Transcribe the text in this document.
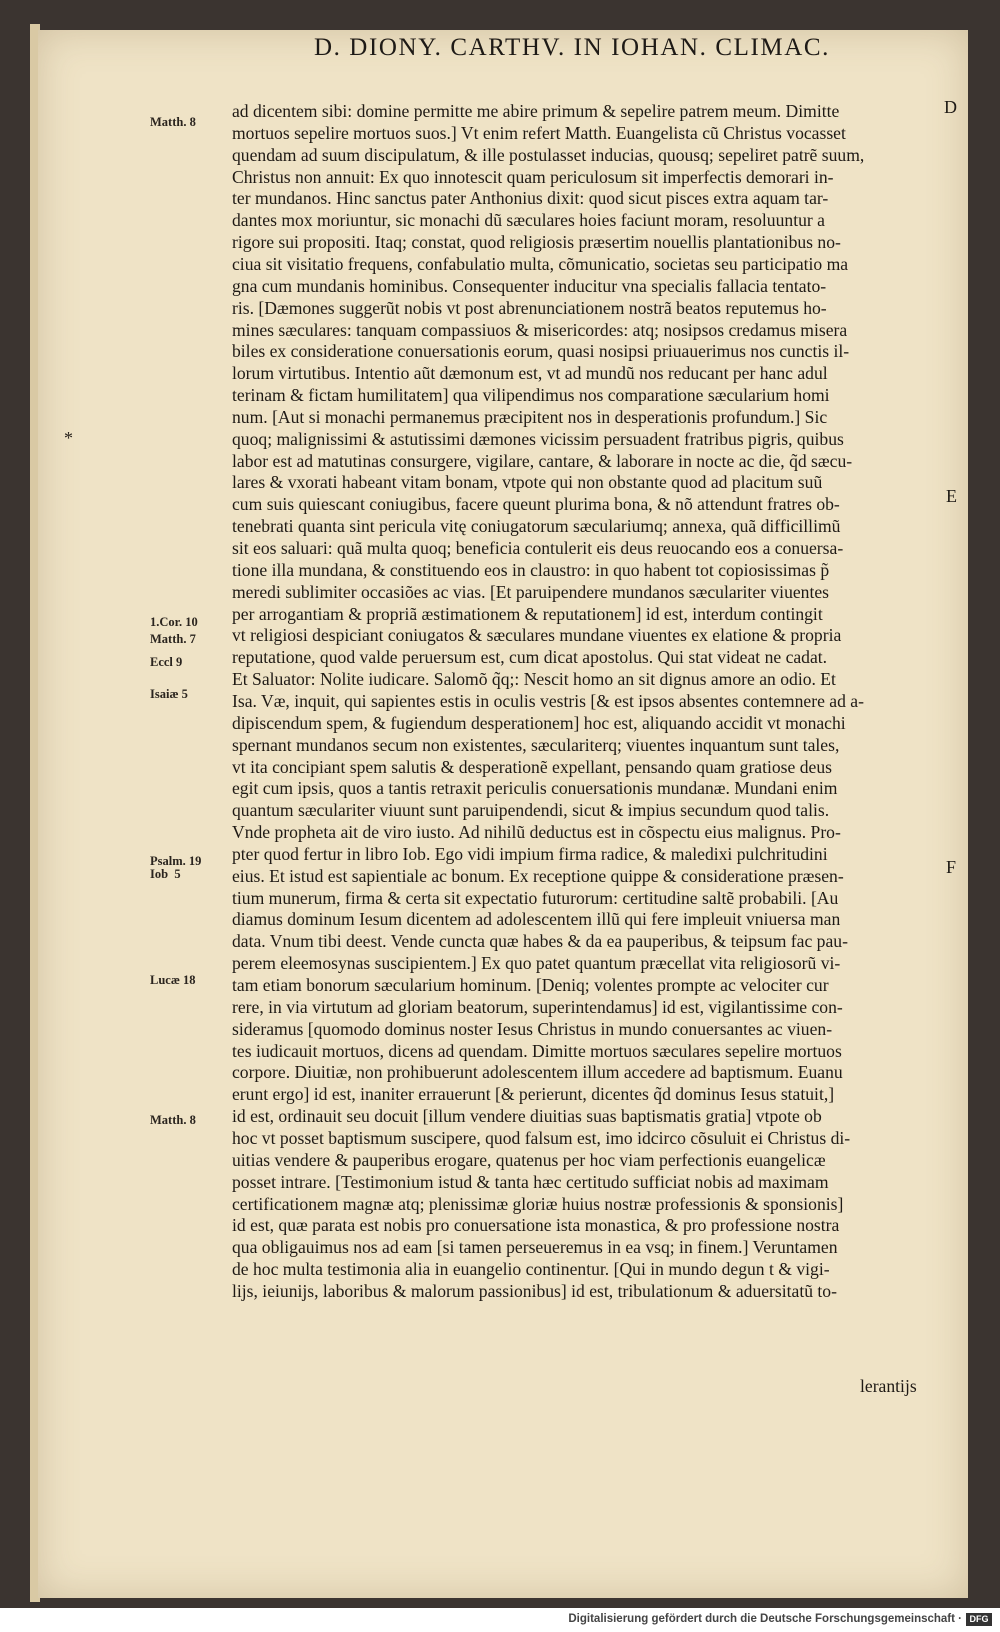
D. DIONY. CARTHV. IN IOHAN. CLIMAC.
D
E
F
*
Matth. 8
1.Cor. 10
Matth. 7
Eccl 9
Isaiæ 5
Psalm. 19
Iob  5
Lucæ 18
Matth. 8
ad dicentem sibi: domine permitte me abire primum & sepelire patrem meum. Dimitte
mortuos sepelire mortuos suos.] Vt enim refert Matth. Euangelista cũ Christus vocasset
quendam ad suum discipulatum, & ille postulasset inducias, quousq; sepeliret patrẽ suum,
Christus non annuit: Ex quo innotescit quam periculosum sit imperfectis demorari in-
ter mundanos. Hinc sanctus pater Anthonius dixit: quod sicut pisces extra aquam tar-
dantes mox moriuntur, sic monachi dũ sæculares hoies faciunt moram, resoluuntur a
rigore sui propositi. Itaq; constat, quod religiosis præsertim nouellis plantationibus no-
ciua sit visitatio frequens, confabulatio multa, cõmunicatio, societas seu participatio ma
gna cum mundanis hominibus. Consequenter inducitur vna specialis fallacia tentato-
ris. [Dæmones suggerũt nobis vt post abrenunciationem nostrã beatos reputemus ho-
mines sæculares: tanquam compassiuos & misericordes: atq; nosipsos credamus misera
biles ex consideratione conuersationis eorum, quasi nosipsi priuauerimus nos cunctis il-
lorum virtutibus. Intentio aũt dæmonum est, vt ad mundũ nos reducant per hanc adul
terinam & fictam humilitatem] qua vilipendimus nos comparatione sæcularium homi
num. [Aut si monachi permanemus præcipitent nos in desperationis profundum.] Sic
quoq; malignissimi & astutissimi dæmones vicissim persuadent fratribus pigris, quibus
labor est ad matutinas consurgere, vigilare, cantare, & laborare in nocte ac die, q̃d sæcu-
lares & vxorati habeant vitam bonam, vtpote qui non obstante quod ad placitum suũ
cum suis quiescant coniugibus, facere queunt plurima bona, & nõ attendunt fratres ob-
tenebrati quanta sint pericula vitę coniugatorum sæculariumq; annexa, quã difficillimũ
sit eos saluari: quã multa quoq; beneficia contulerit eis deus reuocando eos a conuersa-
tione illa mundana, & constituendo eos in claustro: in quo habent tot copiosissimas p̃
meredi sublimiter occasiões ac vias. [Et paruipendere mundanos sæculariter viuentes
per arrogantiam & propriã æstimationem & reputationem] id est, interdum contingit
vt religiosi despiciant coniugatos & sæculares mundane viuentes ex elatione & propria
reputatione, quod valde peruersum est, cum dicat apostolus. Qui stat videat ne cadat.
Et Saluator: Nolite iudicare. Salomõ q̃q;: Nescit homo an sit dignus amore an odio. Et
Isa. Væ, inquit, qui sapientes estis in oculis vestris [& est ipsos absentes contemnere ad a-
dipiscendum spem, & fugiendum desperationem] hoc est, aliquando accidit vt monachi
spernant mundanos secum non existentes, sæculariterq; viuentes inquantum sunt tales,
vt ita concipiant spem salutis & desperationẽ expellant, pensando quam gratiose deus
egit cum ipsis, quos a tantis retraxit periculis conuersationis mundanæ. Mundani enim
quantum sæculariter viuunt sunt paruipendendi, sicut & impius secundum quod talis.
Vnde propheta ait de viro iusto. Ad nihilũ deductus est in cõspectu eius malignus. Pro-
pter quod fertur in libro Iob. Ego vidi impium firma radice, & maledixi pulchritudini
eius. Et istud est sapientiale ac bonum. Ex receptione quippe & consideratione præsen-
tium munerum, firma & certa sit expectatio futurorum: certitudine saltẽ probabili. [Au
diamus dominum Iesum dicentem ad adolescentem illũ qui fere impleuit vniuersa man
data. Vnum tibi deest. Vende cuncta quæ habes & da ea pauperibus, & teipsum fac pau-
perem eleemosynas suscipientem.] Ex quo patet quantum præcellat vita religiosorũ vi-
tam etiam bonorum sæcularium hominum. [Deniq; volentes prompte ac velociter cur
rere, in via virtutum ad gloriam beatorum, superintendamus] id est, vigilantissime con-
sideramus [quomodo dominus noster Iesus Christus in mundo conuersantes ac viuen-
tes iudicauit mortuos, dicens ad quendam. Dimitte mortuos sæculares sepelire mortuos
corpore. Diuitiæ, non prohibuerunt adolescentem illum accedere ad baptismum. Euanu
erunt ergo] id est, inaniter errauerunt [& perierunt, dicentes q̃d dominus Iesus statuit,]
id est, ordinauit seu docuit [illum vendere diuitias suas baptismatis gratia] vtpote ob
hoc vt posset baptismum suscipere, quod falsum est, imo idcirco cõsuluit ei Christus di-
uitias vendere & pauperibus erogare, quatenus per hoc viam perfectionis euangelicæ
posset intrare. [Testimonium istud & tanta hæc certitudo sufficiat nobis ad maximam
certificationem magnæ atq; plenissimæ gloriæ huius nostræ professionis & sponsionis]
id est, quæ parata est nobis pro conuersatione ista monastica, & pro professione nostra
qua obligauimus nos ad eam [si tamen perseueremus in ea vsq; in finem.] Veruntamen
de hoc multa testimonia alia in euangelio continentur. [Qui in mundo degun t & vigi-
lijs, ieiunijs, laboribus & malorum passionibus] id est, tribulationum & aduersitatũ to-
lerantijs
Digitalisierung gefördert durch die Deutsche Forschungsgemeinschaft · DFG
